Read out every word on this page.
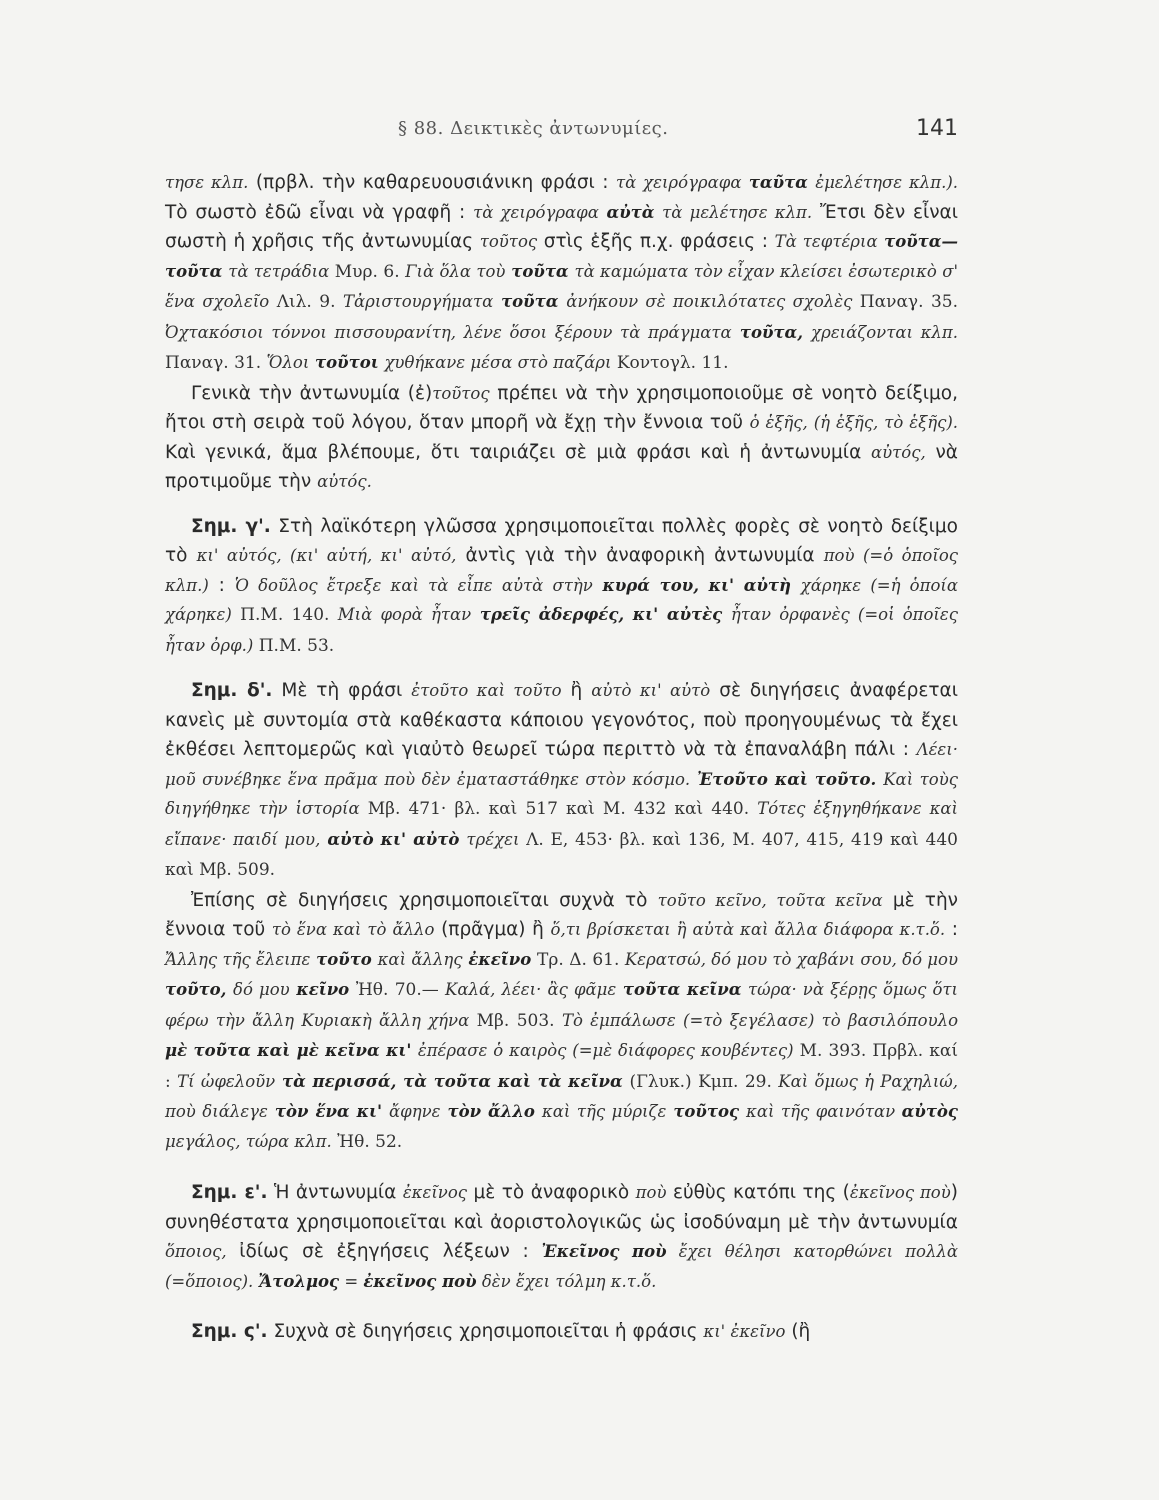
§ 88. Δεικτικὲς ἀντωνυμίες.	141

τησε κλπ. (πρβλ. τὴν καθαρευουσιάνικη φράσι : τὰ χειρόγραφα ταῦτα ἐμελέτησε κλπ.). Τὸ σωστὸ ἐδῶ εἶναι νὰ γραφῆ : τὰ χειρόγραφα αὐτὰ τὰ μελέτησε κλπ. Ἔτσι δὲν εἶναι σωστὴ ἡ χρῆσις τῆς ἀντωνυμίας τοῦτος στὶς ἑξῆς π.χ. φράσεις : Τὰ τεφτέρια τοῦτα—τοῦτα τὰ τετράδια Μυρ. 6. Γιὰ ὅλα τοὺ τοῦτα τὰ καμώματα τὸν εἶχαν κλείσει ἐσωτερικὸ σ' ἕνα σχολεῖο Λιλ. 9. Τἀριστουργήματα τοῦτα ἀνήκουν σὲ ποικιλότατες σχολὲς Παναγ. 35. Ὀχτακόσιοι τόννοι πισσουρανίτη, λένε ὅσοι ξέρουν τὰ πράγματα τοῦτα, χρειάζονται κλπ. Παναγ. 31. Ὅλοι τοῦτοι χυθήκανε μέσα στὸ παζάρι Κοντογλ. 11.

Γενικὰ τὴν ἀντωνυμία (ἐ)τοῦτος πρέπει νὰ τὴν χρησιμοποιοῦμε σὲ νοητὸ δείξιμο, ἤτοι στὴ σειρὰ τοῦ λόγου, ὅταν μπορῆ νὰ ἔχῃ τὴν ἔννοια τοῦ ὁ ἑξῆς, (ἡ ἑξῆς, τὸ ἑξῆς). Καὶ γενικά, ἅμα βλέπουμε, ὅτι ταιριάζει σὲ μιὰ φράσι καὶ ἡ ἀντωνυμία αὐτός, νὰ προτιμοῦμε τὴν αὐτός.

Σημ. γ'. Στὴ λαϊκότερη γλῶσσα χρησιμοποιεῖται πολλὲς φορὲς σὲ νοητὸ δείξιμο τὸ κι' αὐτός, (κι' αὐτή, κι' αὐτό, ἀντὶς γιὰ τὴν ἀναφορικὴ ἀντωνυμία ποὺ (=ὁ ὁποῖος κλπ.) : Ὁ δοῦλος ἔτρεξε καὶ τὰ εἶπε αὐτὰ στὴν κυρά του, κι' αὐτὴ χάρηκε (=ἡ ὁποία χάρηκε) Π.Μ. 140. Μιὰ φορὰ ἦταν τρεῖς ἀδερφές, κι' αὐτὲς ἦταν ὀρφανὲς (=οἱ ὁποῖες ἦταν ὀρφ.) Π.Μ. 53.

Σημ. δ'. Μὲ τὴ φράσι ἐτοῦτο καὶ τοῦτο ἢ αὐτὸ κι' αὐτὸ σὲ διηγήσεις ἀναφέρεται κανεὶς μὲ συντομία στὰ καθέκαστα κάποιου γεγονότος, ποὺ προηγουμένως τὰ ἔχει ἐκθέσει λεπτομερῶς καὶ γιαὐτὸ θεωρεῖ τώρα περιττὸ νὰ τὰ ἐπαναλάβη πάλι : Λέει· μοῦ συνέβηκε ἕνα πρᾶμα ποὺ δὲν ἐματαστάθηκε στὸν κόσμο. Ἐτοῦτο καὶ τοῦτο. Καὶ τοὺς διηγήθηκε τὴν ἱστορία Μβ. 471· βλ. καὶ 517 καὶ Μ. 432 καὶ 440. Τότες ἐξηγηθήκανε καὶ εἴπανε· παιδί μου, αὐτὸ κι' αὐτὸ τρέχει Λ. Ε, 453· βλ. καὶ 136, Μ. 407, 415, 419 καὶ 440 καὶ Μβ. 509.

Ἐπίσης σὲ διηγήσεις χρησιμοποιεῖται συχνὰ τὸ τοῦτο κεῖνο, τοῦτα κεῖνα μὲ τὴν ἔννοια τοῦ τὸ ἕνα καὶ τὸ ἄλλο (πρᾶγμα) ἢ ὅ,τι βρίσκεται ἢ αὐτὰ καὶ ἄλλα διάφορα κ.τ.ὅ. : Ἄλλης τῆς ἔλειπε τοῦτο καὶ ἄλλης ἐκεῖνο Τρ. Δ. 61. Κερατσώ, δό μου τὸ χαβάνι σου, δό μου τοῦτο, δό μου κεῖνο Ἠθ. 70.— Καλά, λέει· ἂς φᾶμε τοῦτα κεῖνα τώρα· νὰ ξέρῃς ὅμως ὅτι φέρω τὴν ἄλλη Κυριακὴ ἄλλη χήνα Μβ. 503. Τὸ ἐμπάλωσε (=τὸ ξεγέλασε) τὸ βασιλόπουλο μὲ τοῦτα καὶ μὲ κεῖνα κι' ἐπέρασε ὁ καιρὸς (=μὲ διάφορες κουβέντες) Μ. 393. Πρβλ. καί : Τί ὠφελοῦν τὰ περισσά, τὰ τοῦτα καὶ τὰ κεῖνα (Γλυκ.) Κμπ. 29. Καὶ ὅμως ἡ Ραχηλιώ, ποὺ διάλεγε τὸν ἕνα κι' ἄφηνε τὸν ἄλλο καὶ τῆς μύριζε τοῦτος καὶ τῆς φαινόταν αὐτὸς μεγάλος, τώρα κλπ. Ἠθ. 52.

Σημ. ε'. Ἡ ἀντωνυμία ἐκεῖνος μὲ τὸ ἀναφορικὸ ποὺ εὐθὺς κατόπι της (ἐκεῖνος ποὺ) συνηθέστατα χρησιμοποιεῖται καὶ ἀοριστολογικῶς ὡς ἰσοδύναμη μὲ τὴν ἀντωνυμία ὅποιος, ἰδίως σὲ ἐξηγήσεις λέξεων : Ἐκεῖνος ποὺ ἔχει θέλησι κατορθώνει πολλὰ (=ὅποιος). Ἄτολμος = ἐκεῖνος ποὺ δὲν ἔχει τόλμη κ.τ.ὅ.

Σημ. ς'. Συχνὰ σὲ διηγήσεις χρησιμοποιεῖται ἡ φράσις κι' ἐκεῖνο (ἢ
